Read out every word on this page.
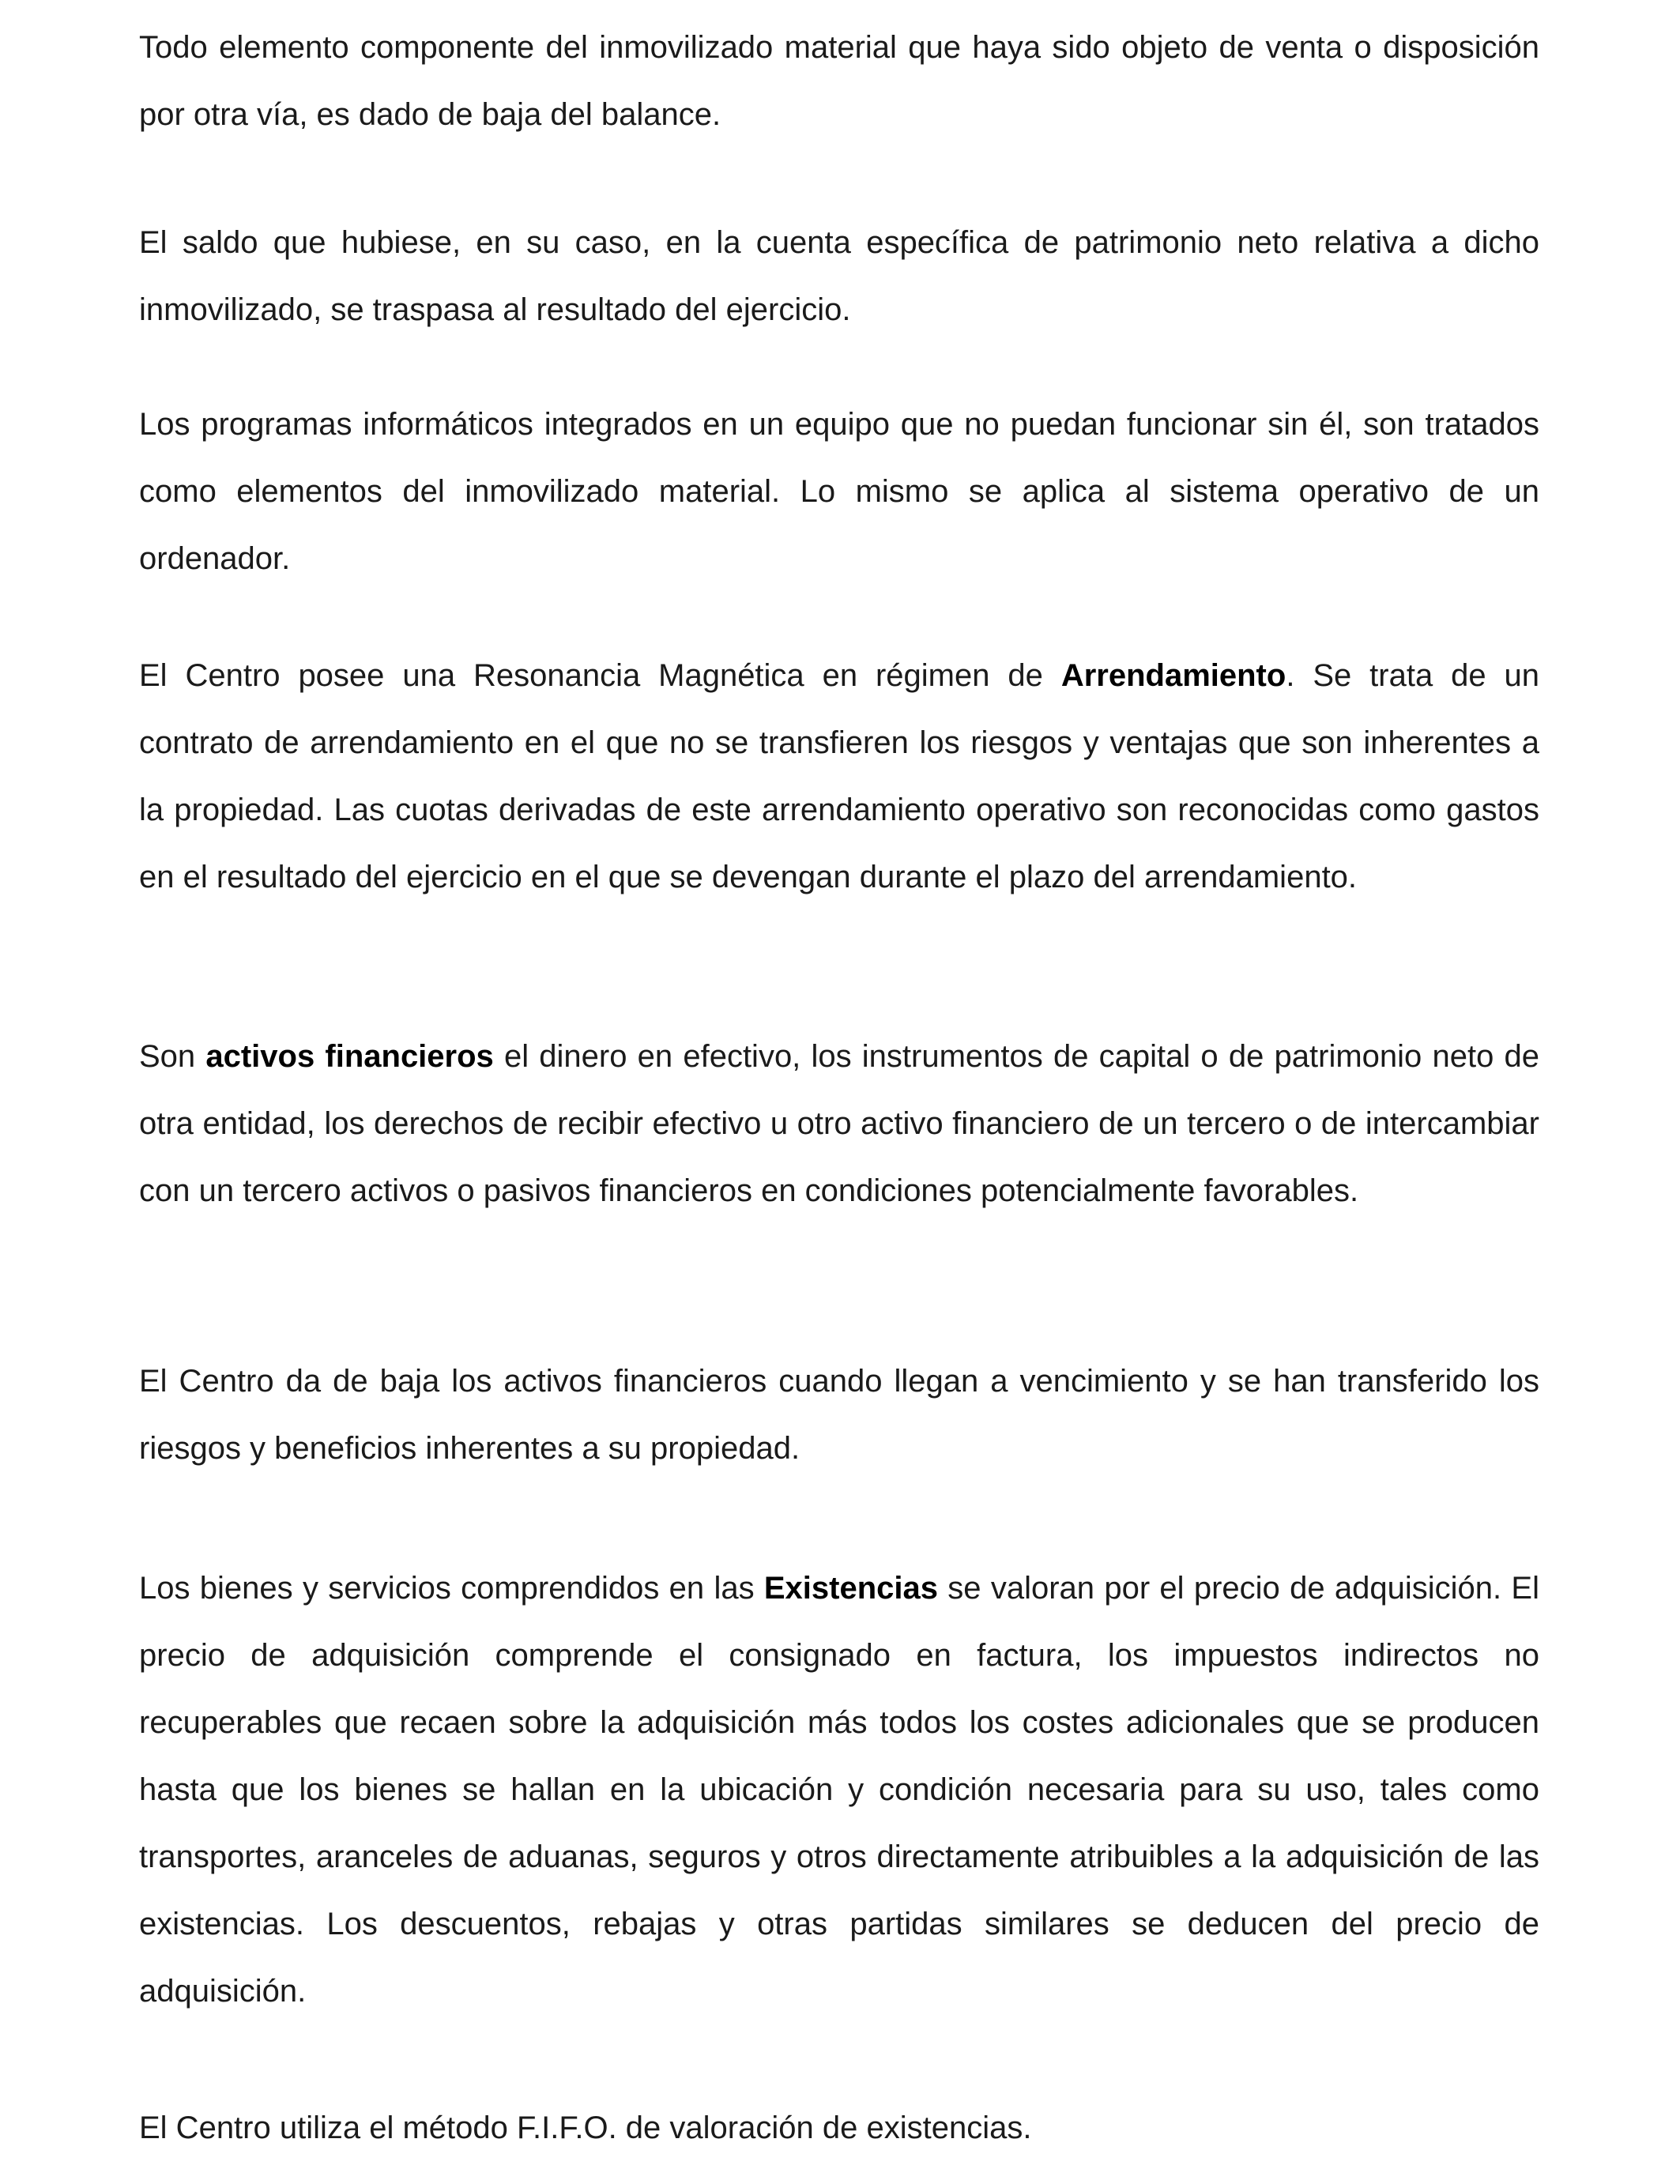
Todo elemento componente del inmovilizado material que haya sido objeto de venta o disposición por otra vía, es dado de baja del balance.

El saldo que hubiese, en su caso, en la cuenta específica de patrimonio neto relativa a dicho inmovilizado, se traspasa al resultado del ejercicio.

Los programas informáticos integrados en un equipo que no puedan funcionar sin él, son tratados como elementos del inmovilizado material. Lo mismo se aplica al sistema operativo de un ordenador.

El Centro posee una Resonancia Magnética en régimen de Arrendamiento. Se trata de un contrato de arrendamiento en el que no se transfieren los riesgos y ventajas que son inherentes a la propiedad. Las cuotas derivadas de este arrendamiento operativo son reconocidas como gastos en el resultado del ejercicio en el que se devengan durante el plazo del arrendamiento.

Son activos financieros el dinero en efectivo, los instrumentos de capital o de patrimonio neto de otra entidad, los derechos de recibir efectivo u otro activo financiero de un tercero o de intercambiar con un tercero activos o pasivos financieros en condiciones potencialmente favorables.

El Centro da de baja los activos financieros cuando llegan a vencimiento y se han transferido los riesgos y beneficios inherentes a su propiedad.

Los bienes y servicios comprendidos en las Existencias se valoran por el precio de adquisición. El precio de adquisición comprende el consignado en factura, los impuestos indirectos no recuperables que recaen sobre la adquisición más todos los costes adicionales que se producen hasta que los bienes se hallan en la ubicación y condición necesaria para su uso, tales como transportes, aranceles de aduanas, seguros y otros directamente atribuibles a la adquisición de las existencias. Los descuentos, rebajas y otras partidas similares se deducen del precio de adquisición.

El Centro utiliza el método F.I.F.O. de valoración de existencias.
